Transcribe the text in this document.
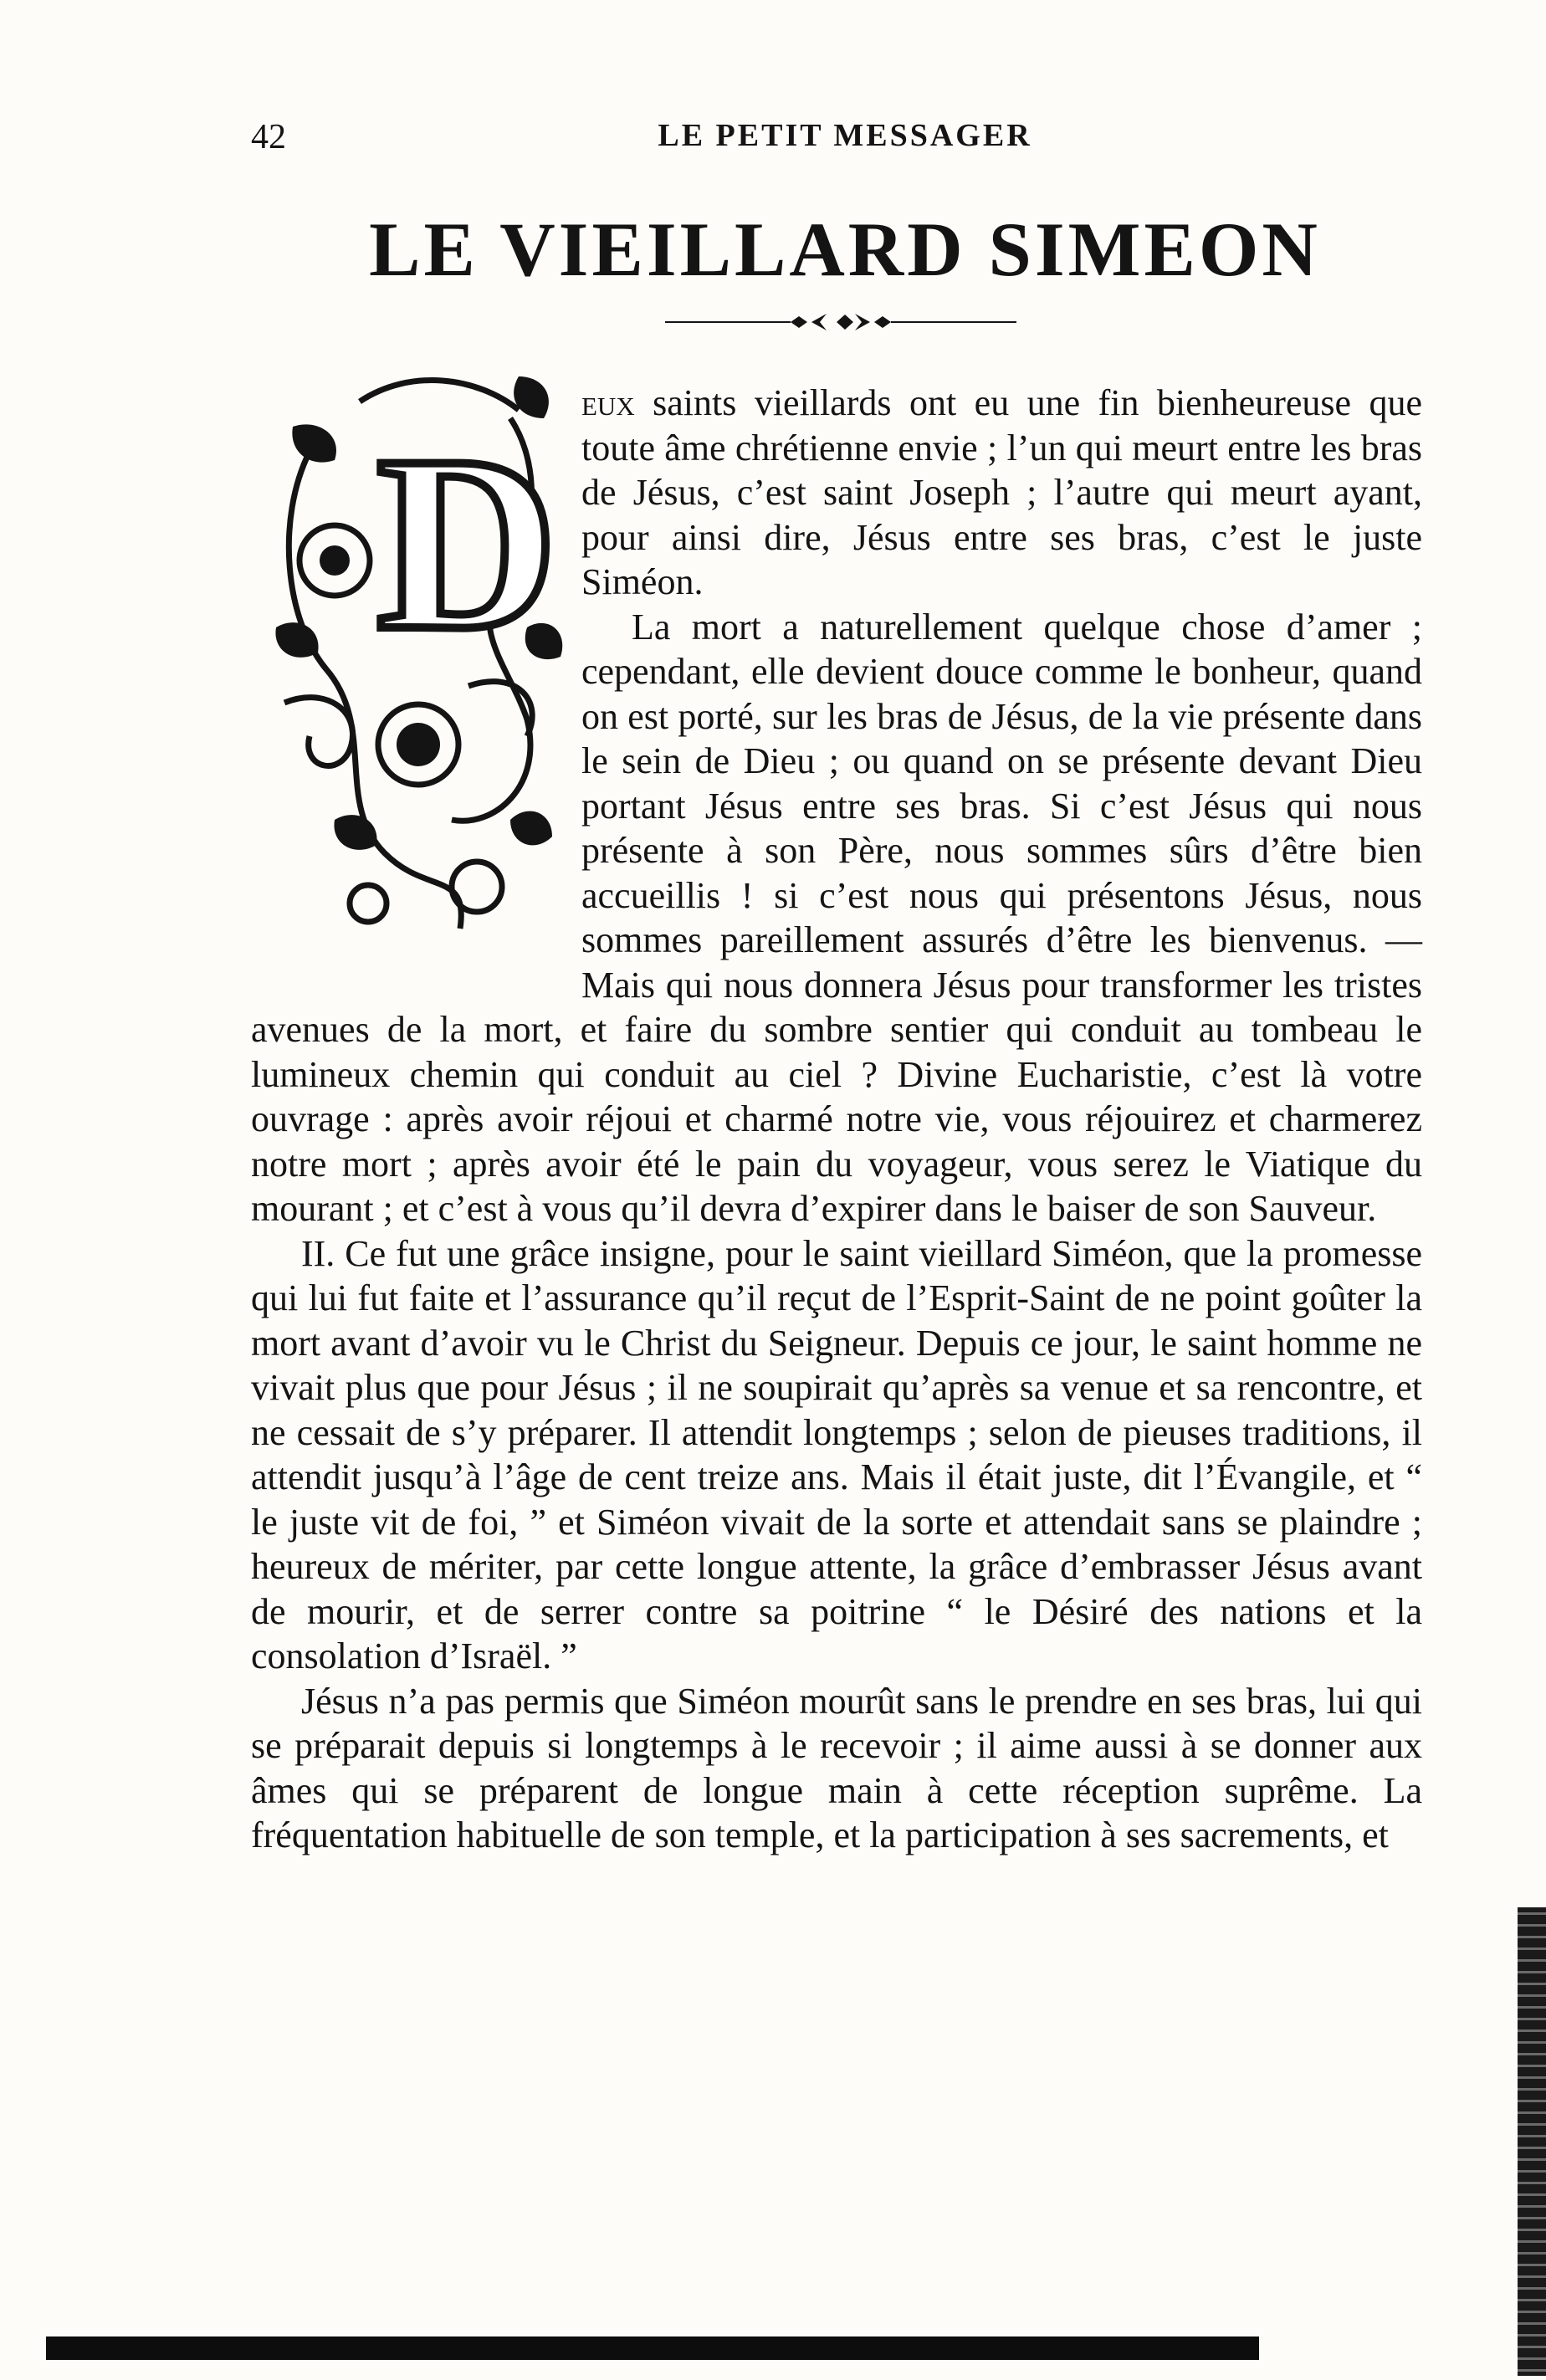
42	LE PETIT MESSAGER
LE VIEILLARD SIMEON
D

eux saints vieillards ont eu une fin bienheureuse que toute âme chrétienne envie ; l’un qui meurt entre les bras de Jésus, c’est saint Joseph ; l’autre qui meurt ayant, pour ainsi dire, Jésus entre ses bras, c’est le juste Siméon.

La mort a naturellement quelque chose d’amer ; cependant, elle devient douce comme le bonheur, quand on est porté, sur les bras de Jésus, de la vie présente dans le sein de Dieu ; ou quand on se présente devant Dieu portant Jésus entre ses bras. Si c’est Jésus qui nous présente à son Père, nous sommes sûrs d’être bien accueillis ! si c’est nous qui présentons Jésus, nous sommes pareillement assurés d’être les bienvenus. — Mais qui nous donnera Jésus pour transformer les tristes avenues de la mort, et faire du sombre sentier qui conduit au tombeau le lumineux chemin qui conduit au ciel ? Divine Eucharistie, c’est là votre ouvrage : après avoir réjoui et charmé notre vie, vous réjouirez et charmerez notre mort ; après avoir été le pain du voyageur, vous serez le Viatique du mourant ; et c’est à vous qu’il devra d’expirer dans le baiser de son Sauveur.

II. Ce fut une grâce insigne, pour le saint vieillard Siméon, que la promesse qui lui fut faite et l’assurance qu’il reçut de l’Esprit-Saint de ne point goûter la mort avant d’avoir vu le Christ du Seigneur. Depuis ce jour, le saint homme ne vivait plus que pour Jésus ; il ne soupirait qu’après sa venue et sa rencontre, et ne cessait de s’y préparer. Il attendit longtemps ; selon de pieuses traditions, il attendit jusqu’à l’âge de cent treize ans. Mais il était juste, dit l’Évangile, et “ le juste vit de foi, ” et Siméon vivait de la sorte et attendait sans se plaindre ; heureux de mériter, par cette longue attente, la grâce d’embrasser Jésus avant de mourir, et de serrer contre sa poitrine “ le Désiré des nations et la consolation d’Israël. ”

Jésus n’a pas permis que Siméon mourût sans le prendre en ses bras, lui qui se préparait depuis si longtemps à le recevoir ; il aime aussi à se donner aux âmes qui se préparent de longue main à cette réception suprême. La fréquentation habituelle de son temple, et la participation à ses sacrements, et
